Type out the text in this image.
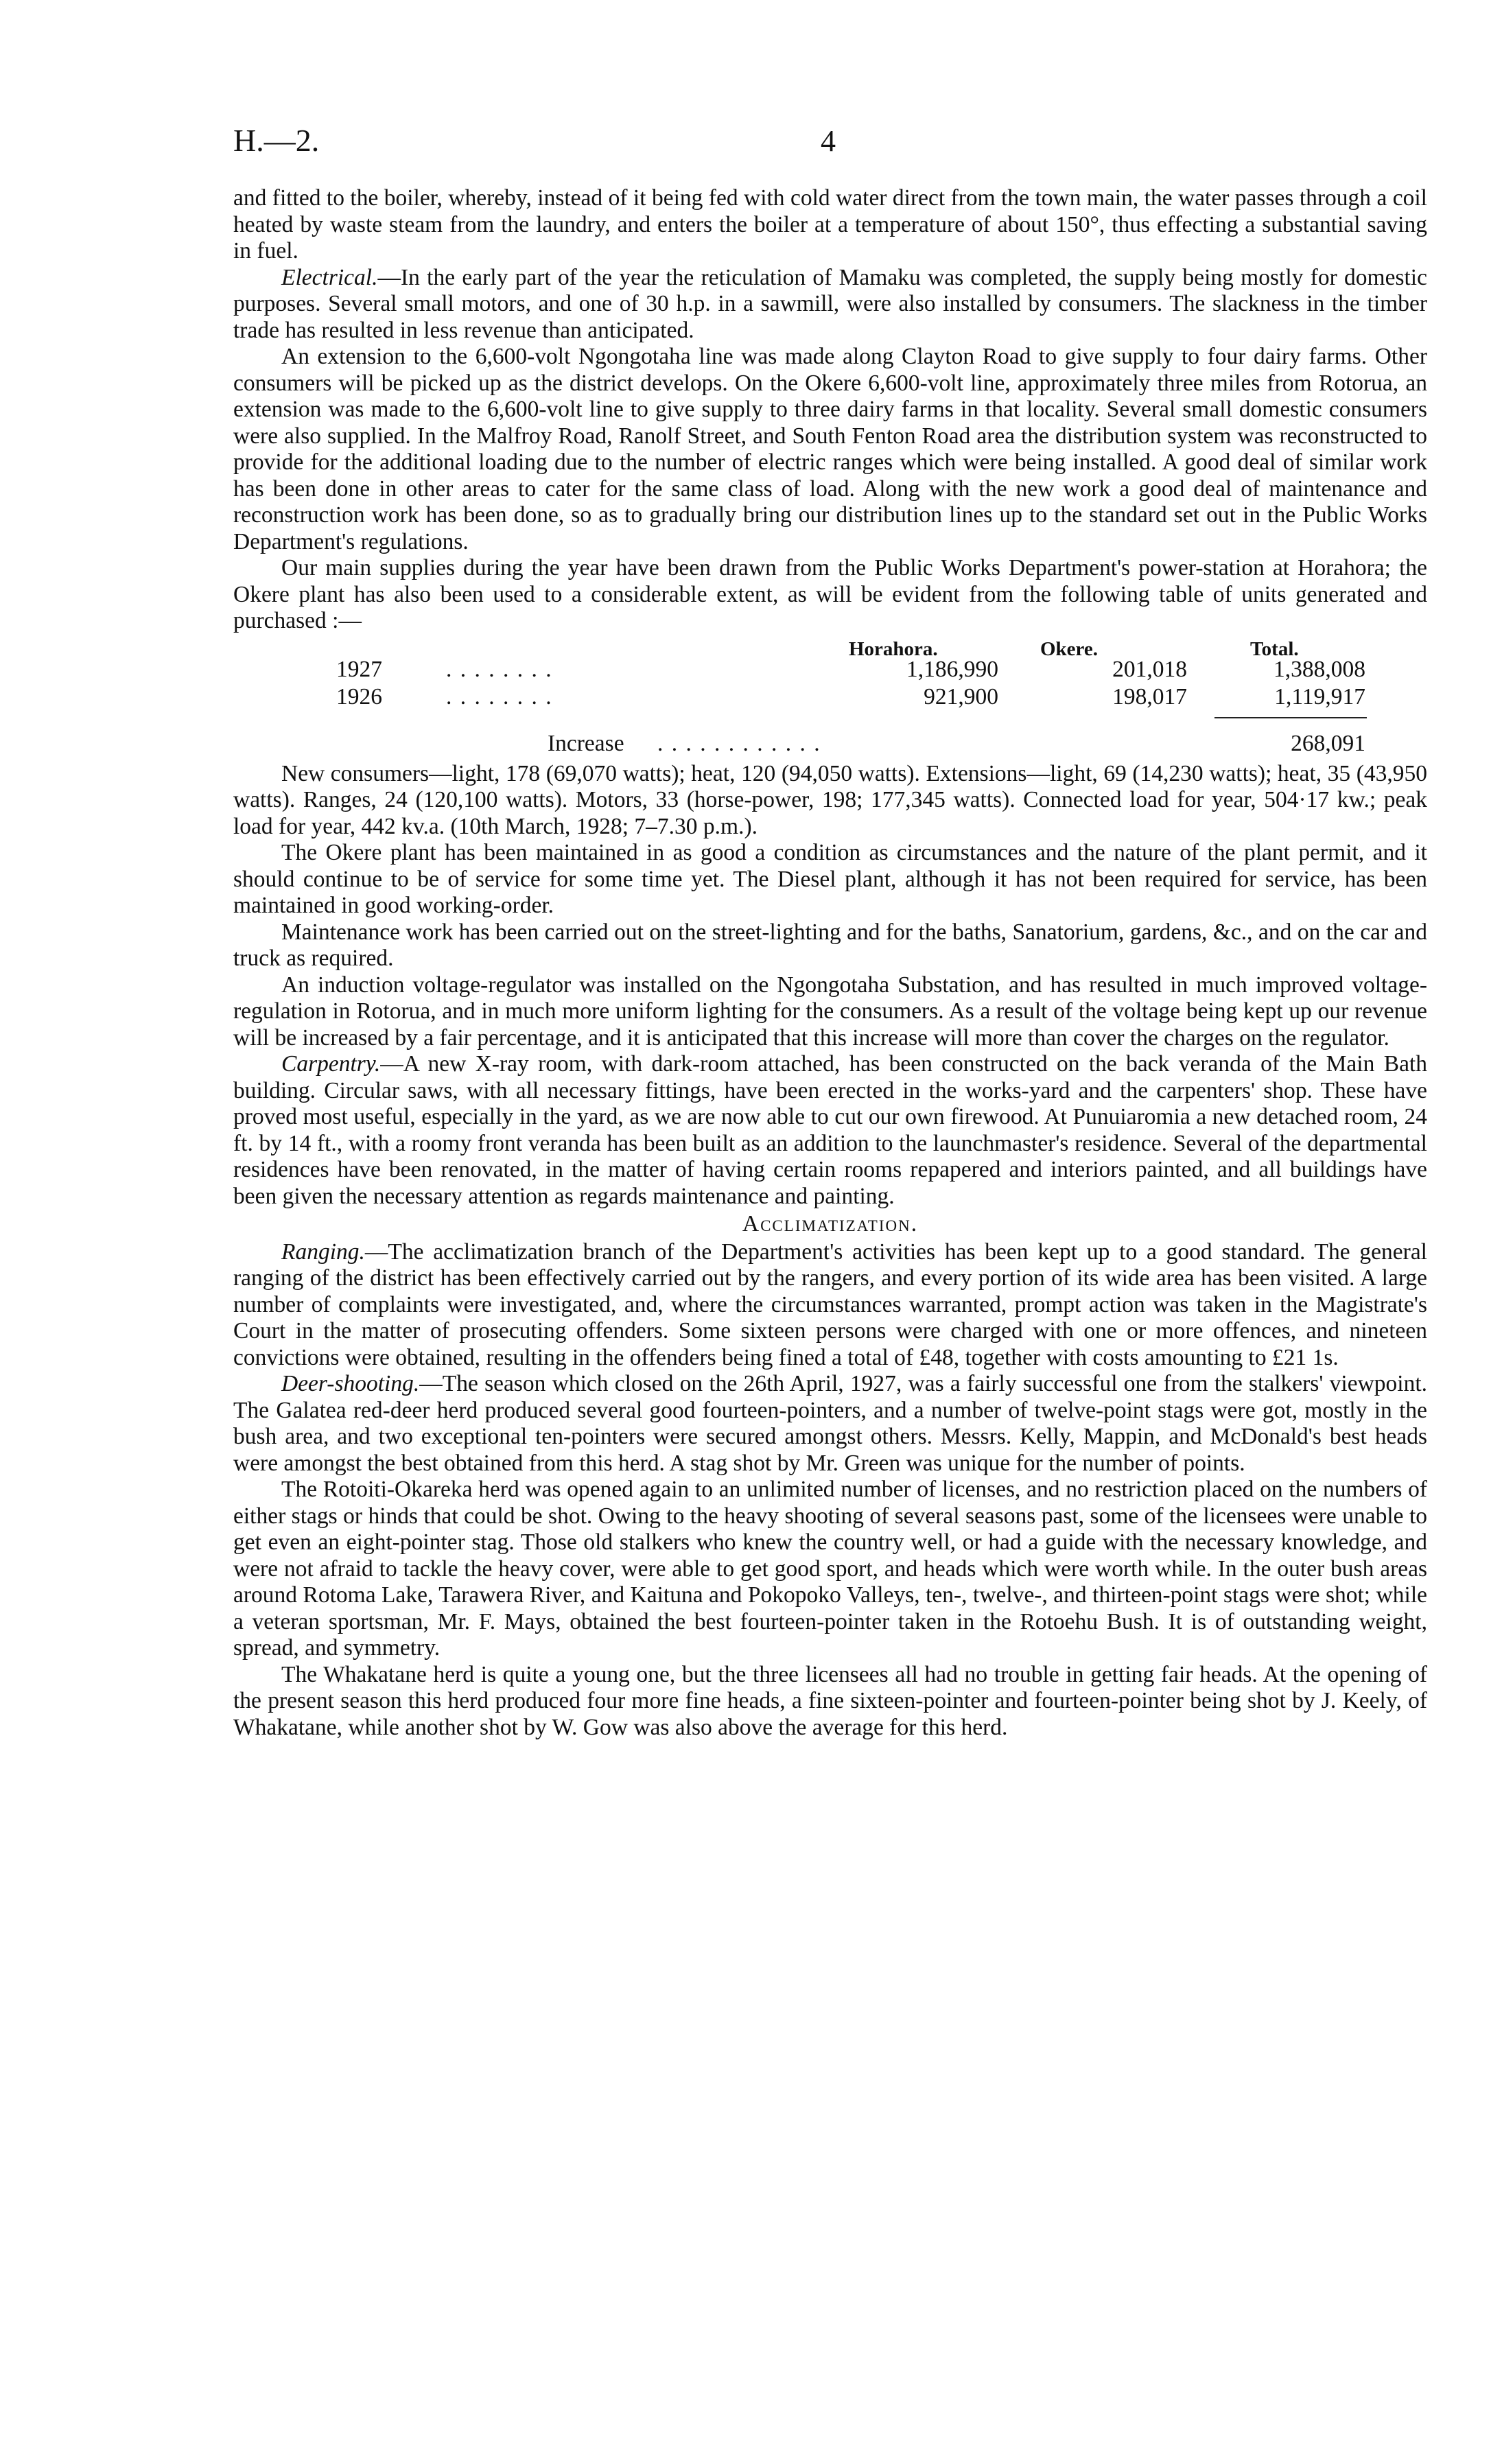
H.—2.	4

and fitted to the boiler, whereby, instead of it being fed with cold water direct from the town main, the water passes through a coil heated by waste steam from the laundry, and enters the boiler at a temperature of about 150°, thus effecting a substantial saving in fuel.

Electrical.—In the early part of the year the reticulation of Mamaku was completed, the supply being mostly for domestic purposes. Several small motors, and one of 30 h.p. in a sawmill, were also installed by consumers. The slackness in the timber trade has resulted in less revenue than anticipated.

An extension to the 6,600-volt Ngongotaha line was made along Clayton Road to give supply to four dairy farms. Other consumers will be picked up as the district develops. On the Okere 6,600-volt line, approximately three miles from Rotorua, an extension was made to the 6,600-volt line to give supply to three dairy farms in that locality. Several small domestic consumers were also supplied. In the Malfroy Road, Ranolf Street, and South Fenton Road area the distribution system was reconstructed to provide for the additional loading due to the number of electric ranges which were being installed. A good deal of similar work has been done in other areas to cater for the same class of load. Along with the new work a good deal of maintenance and reconstruction work has been done, so as to gradually bring our distribution lines up to the standard set out in the Public Works Department's regulations.

Our main supplies during the year have been drawn from the Public Works Department's power-station at Horahora; the Okere plant has also been used to a considerable extent, as will be evident from the following table of units generated and purchased :—

Horahora.	Okere.	Total.
1927	. . . . . . . .	1,186,990	201,018	1,388,008
1926	. . . . . . . .	921,900	198,017	1,119,917
Increase . . . . . . . . . . . .	268,091

New consumers—light, 178 (69,070 watts); heat, 120 (94,050 watts). Extensions—light, 69 (14,230 watts); heat, 35 (43,950 watts). Ranges, 24 (120,100 watts). Motors, 33 (horse-power, 198; 177,345 watts). Connected load for year, 504·17 kw.; peak load for year, 442 kv.a. (10th March, 1928; 7–7.30 p.m.).

The Okere plant has been maintained in as good a condition as circumstances and the nature of the plant permit, and it should continue to be of service for some time yet. The Diesel plant, although it has not been required for service, has been maintained in good working-order.

Maintenance work has been carried out on the street-lighting and for the baths, Sanatorium, gardens, &c., and on the car and truck as required.

An induction voltage-regulator was installed on the Ngongotaha Substation, and has resulted in much improved voltage-regulation in Rotorua, and in much more uniform lighting for the consumers. As a result of the voltage being kept up our revenue will be increased by a fair percentage, and it is anticipated that this increase will more than cover the charges on the regulator.

Carpentry.—A new X-ray room, with dark-room attached, has been constructed on the back veranda of the Main Bath building. Circular saws, with all necessary fittings, have been erected in the works-yard and the carpenters' shop. These have proved most useful, especially in the yard, as we are now able to cut our own firewood. At Punuiaromia a new detached room, 24 ft. by 14 ft., with a roomy front veranda has been built as an addition to the launchmaster's residence. Several of the departmental residences have been renovated, in the matter of having certain rooms repapered and interiors painted, and all buildings have been given the necessary attention as regards maintenance and painting.

Acclimatization.

Ranging.—The acclimatization branch of the Department's activities has been kept up to a good standard. The general ranging of the district has been effectively carried out by the rangers, and every portion of its wide area has been visited. A large number of complaints were investigated, and, where the circumstances warranted, prompt action was taken in the Magistrate's Court in the matter of prosecuting offenders. Some sixteen persons were charged with one or more offences, and nineteen convictions were obtained, resulting in the offenders being fined a total of £48, together with costs amounting to £21 1s.

Deer-shooting.—The season which closed on the 26th April, 1927, was a fairly successful one from the stalkers' viewpoint. The Galatea red-deer herd produced several good fourteen-pointers, and a number of twelve-point stags were got, mostly in the bush area, and two exceptional ten-pointers were secured amongst others. Messrs. Kelly, Mappin, and McDonald's best heads were amongst the best obtained from this herd. A stag shot by Mr. Green was unique for the number of points.

The Rotoiti-Okareka herd was opened again to an unlimited number of licenses, and no restriction placed on the numbers of either stags or hinds that could be shot. Owing to the heavy shooting of several seasons past, some of the licensees were unable to get even an eight-pointer stag. Those old stalkers who knew the country well, or had a guide with the necessary knowledge, and were not afraid to tackle the heavy cover, were able to get good sport, and heads which were worth while. In the outer bush areas around Rotoma Lake, Tarawera River, and Kaituna and Pokopoko Valleys, ten-, twelve-, and thirteen-point stags were shot; while a veteran sportsman, Mr. F. Mays, obtained the best fourteen-pointer taken in the Rotoehu Bush. It is of outstanding weight, spread, and symmetry.

The Whakatane herd is quite a young one, but the three licensees all had no trouble in getting fair heads. At the opening of the present season this herd produced four more fine heads, a fine sixteen-pointer and fourteen-pointer being shot by J. Keely, of Whakatane, while another shot by W. Gow was also above the average for this herd.
